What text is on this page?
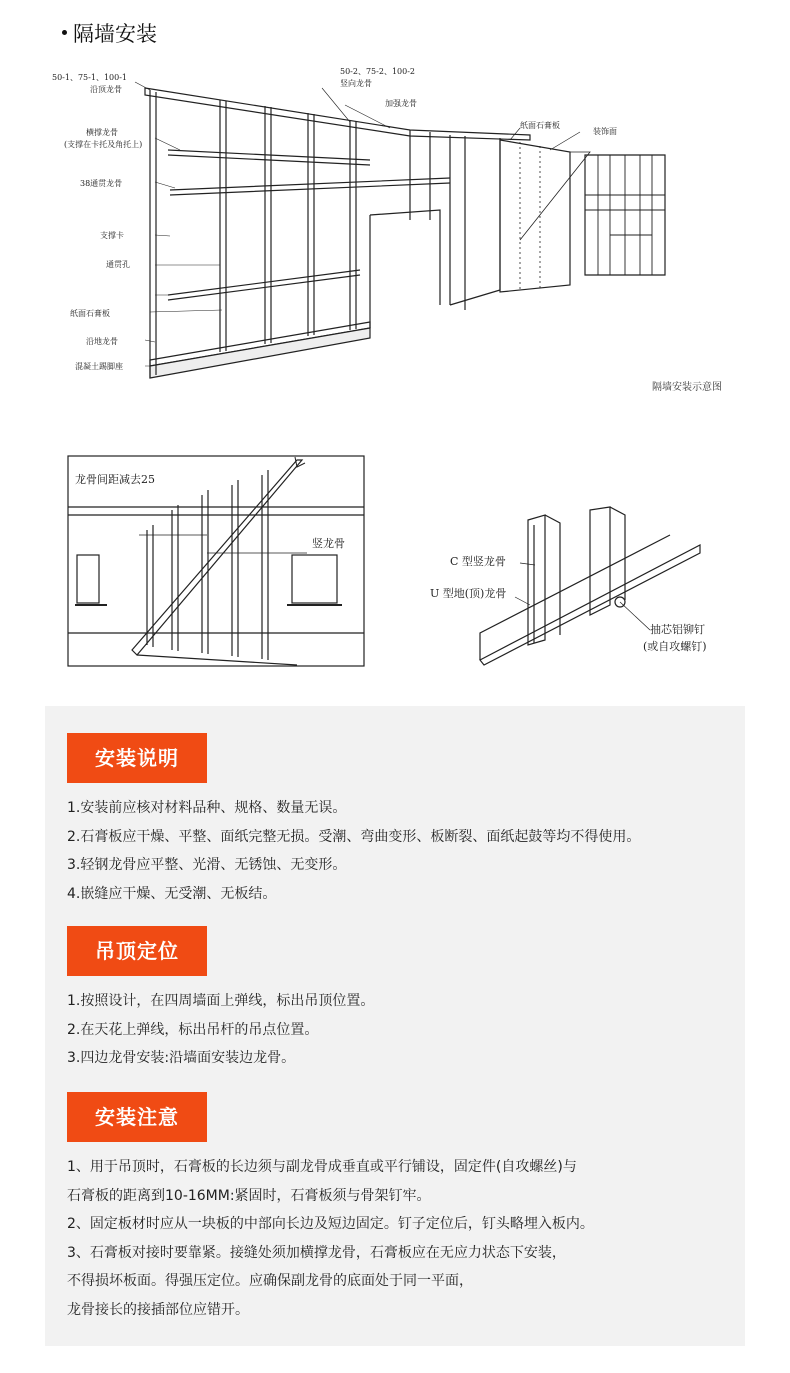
隔墙安装
50-1、75-1、100-1
沿顶龙骨
横撑龙骨
(支撑在卡托及角托上)
38通贯龙骨
支撑卡
通贯孔
纸面石膏板
沿地龙骨
混凝土踢脚座
50-2、75-2、100-2
竖向龙骨
加强龙骨
纸面石膏板
装饰面
隔墙安装示意图
龙骨间距减去25
竖龙骨
C 型竖龙骨
U 型地(顶)龙骨
抽芯铝铆钉
(或自攻螺钉)
安装说明
1.安装前应核对材料品种、规格、数量无误。
2.石膏板应干燥、平整、面纸完整无损。受潮、弯曲变形、板断裂、面纸起鼓等均不得使用。
3.轻钢龙骨应平整、光滑、无锈蚀、无变形。
4.嵌缝应干燥、无受潮、无板结。
吊顶定位
1.按照设计，在四周墙面上弹线，标出吊顶位置。
2.在天花上弹线，标出吊杆的吊点位置。
3.四边龙骨安装:沿墙面安装边龙骨。
安装注意
1、用于吊顶时，石膏板的长边须与副龙骨成垂直或平行铺设，固定件(自攻螺丝)与
石膏板的距离到10-16MM:紧固时，石膏板须与骨架钉牢。
2、固定板材时应从一块板的中部向长边及短边固定。钉子定位后，钉头略埋入板内。
3、石膏板对接时要靠紧。接缝处须加横撑龙骨，石膏板应在无应力状态下安装，
不得损坏板面。得强压定位。应确保副龙骨的底面处于同一平面，
龙骨接长的接插部位应错开。
